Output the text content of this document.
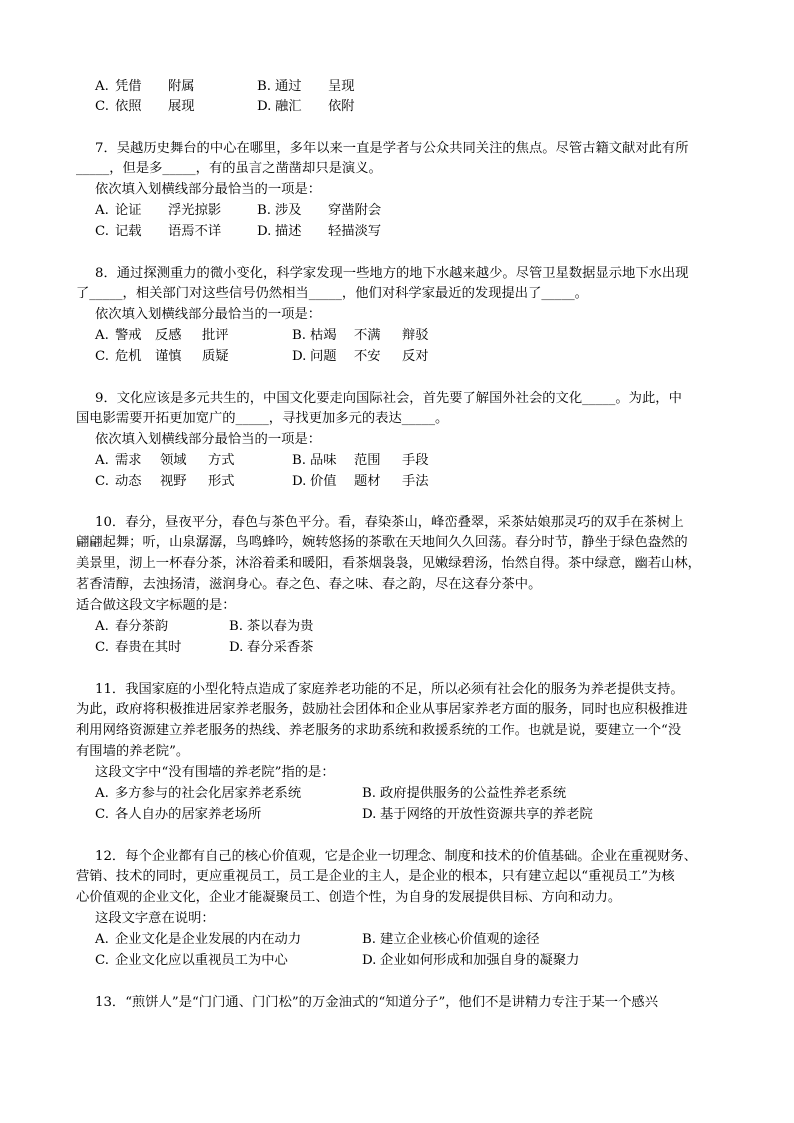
A. 凭借 附属	B. 通过 呈现
C. 依照 展现	D. 融汇 依附
7．吴越历史舞台的中心在哪里，多年以来一直是学者与公众共同关注的焦点。尽管古籍文献对此有所
_____，但是多_____，有的虽言之凿凿却只是演义。
依次填入划横线部分最恰当的一项是：
A. 论证 浮光掠影	B. 涉及 穿凿附会
C. 记载 语焉不详	D. 描述 轻描淡写
8．通过探测重力的微小变化，科学家发现一些地方的地下水越来越少。尽管卫星数据显示地下水出现
了_____，相关部门对这些信号仍然相当_____，他们对科学家最近的发现提出了_____。
依次填入划横线部分最恰当的一项是：
A. 警戒 反感 批评	B. 枯竭 不满 辩驳
C. 危机 谨慎 质疑	D. 问题 不安 反对
9．文化应该是多元共生的，中国文化要走向国际社会，首先要了解国外社会的文化_____。为此，中
国电影需要开拓更加宽广的_____，寻找更加多元的表达_____。
依次填入划横线部分最恰当的一项是：
A. 需求 领域 方式	B. 品味 范围 手段
C. 动态 视野 形式	D. 价值 题材 手法
10．春分，昼夜平分，春色与茶色平分。看，春染茶山，峰峦叠翠，采茶姑娘那灵巧的双手在茶树上
翩翩起舞；听，山泉潺潺，鸟鸣蜂吟，婉转悠扬的茶歌在天地间久久回荡。春分时节，静坐于绿色盎然的
美景里，沏上一杯春分茶，沐浴着柔和暖阳，看茶烟袅袅，见嫩绿碧汤，怡然自得。茶中绿意，幽若山林，
茗香清醇，去浊扬清，滋润身心。春之色、春之味、春之韵，尽在这春分茶中。
适合做这段文字标题的是：
A. 春分茶韵	B. 茶以春为贵
C. 春贵在其时	D. 春分采香茶
11．我国家庭的小型化特点造成了家庭养老功能的不足，所以必须有社会化的服务为养老提供支持。
为此，政府将积极推进居家养老服务，鼓励社会团体和企业从事居家养老方面的服务，同时也应积极推进
利用网络资源建立养老服务的热线、养老服务的求助系统和救援系统的工作。也就是说，要建立一个“没
有围墙的养老院”。
这段文字中“没有围墙的养老院”指的是：
A. 多方参与的社会化居家养老系统	B. 政府提供服务的公益性养老系统
C. 各人自办的居家养老场所	D. 基于网络的开放性资源共享的养老院
12．每个企业都有自己的核心价值观，它是企业一切理念、制度和技术的价值基础。企业在重视财务、
营销、技术的同时，更应重视员工，员工是企业的主人，是企业的根本，只有建立起以“重视员工”为核
心价值观的企业文化，企业才能凝聚员工、创造个性，为自身的发展提供目标、方向和动力。
这段文字意在说明：
A. 企业文化是企业发展的内在动力	B. 建立企业核心价值观的途径
C. 企业文化应以重视员工为中心	D. 企业如何形成和加强自身的凝聚力
13．“煎饼人”是“门门通、门门松”的万金油式的“知道分子”，他们不是讲精力专注于某一个感兴
